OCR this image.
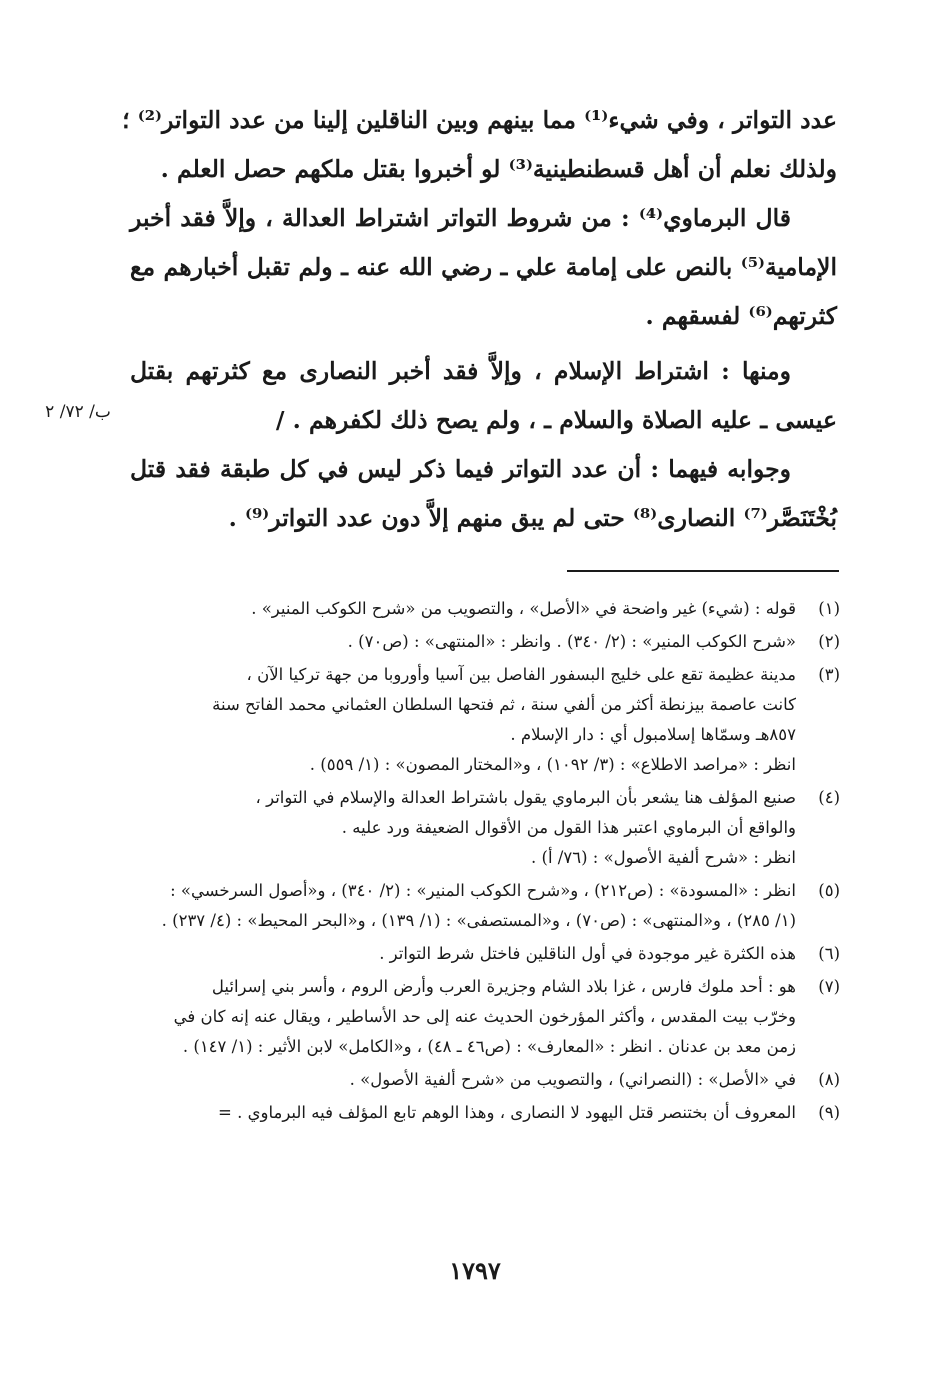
عدد التواتر ، وفي شيء⁽¹⁾ مما بينهم وبين الناقلين إلينا من عدد التواتر⁽²⁾ ؛
ولذلك نعلم أن أهل قسطنطينية⁽³⁾ لو أخبروا بقتل ملكهم حصل العلم .
قال البرماوي⁽⁴⁾ : من شروط التواتر اشتراط العدالة ، وإلاَّ فقد أخبر
الإمامية⁽⁵⁾ بالنص على إمامة علي ـ رضي الله عنه ـ ولم تقبل أخبارهم مع
كثرتهم⁽⁶⁾ لفسقهم .
ومنها : اشتراط الإسلام ، وإلاَّ فقد أخبر النصارى مع كثرتهم بقتل
عيسى ـ عليه الصلاة والسلام ـ ، ولم يصح ذلك لكفرهم . /
وجوابه فيهما : أن عدد التواتر فيما ذكر ليس في كل طبقة فقد قتل
بُخْتَنَصَّر⁽⁷⁾ النصارى⁽⁸⁾ حتى لم يبق منهم إلاَّ دون عدد التواتر⁽⁹⁾ .
ب/ ٧٢/ ٢
(١)
قوله : (شيء) غير واضحة في «الأصل» ، والتصويب من «شرح الكوكب المنير» .
(٢)
«شرح الكوكب المنير» : (٢/ ٣٤٠) . وانظر : «المنتهى» : (ص٧٠) .
(٣)
مدينة عظيمة تقع على خليج البسفور الفاصل بين آسيا وأوروبا من جهة تركيا الآن ،
كانت عاصمة بيزنطة أكثر من ألفي سنة ، ثم فتحها السلطان العثماني محمد الفاتح سنة
٨٥٧هـ وسمّاها إسلامبول أي : دار الإسلام .
انظر : «مراصد الاطلاع» : (٣/ ١٠٩٢) ، و«المختار المصون» : (١/ ٥٥٩) .
(٤)
صنيع المؤلف هنا يشعر بأن البرماوي يقول باشتراط العدالة والإسلام في التواتر ،
والواقع أن البرماوي اعتبر هذا القول من الأقوال الضعيفة ورد عليه .
انظر : «شرح ألفية الأصول» : (٧٦/ أ) .
(٥)
انظر : «المسودة» : (ص٢١٢) ، و«شرح الكوكب المنير» : (٢/ ٣٤٠) ، و«أصول السرخسي» :
(١/ ٢٨٥) ، و«المنتهى» : (ص٧٠) ، و«المستصفى» : (١/ ١٣٩) ، و«البحر المحيط» : (٤/ ٢٣٧) .
(٦)
هذه الكثرة غير موجودة في أول الناقلين فاختل شرط التواتر .
(٧)
هو : أحد ملوك فارس ، غزا بلاد الشام وجزيرة العرب وأرض الروم ، وأسر بني إسرائيل
وخرّب بيت المقدس ، وأكثر المؤرخون الحديث عنه إلى حد الأساطير ، ويقال عنه إنه كان في
زمن معد بن عدنان . انظر : «المعارف» : (ص٤٦ ـ ٤٨) ، و«الكامل» لابن الأثير : (١/ ١٤٧) .
(٨)
في «الأصل» : (النصراني) ، والتصويب من «شرح ألفية الأصول» .
(٩)
المعروف أن بختنصر قتل اليهود لا النصارى ، وهذا الوهم تابع المؤلف فيه البرماوي . =
١٧٩٧
